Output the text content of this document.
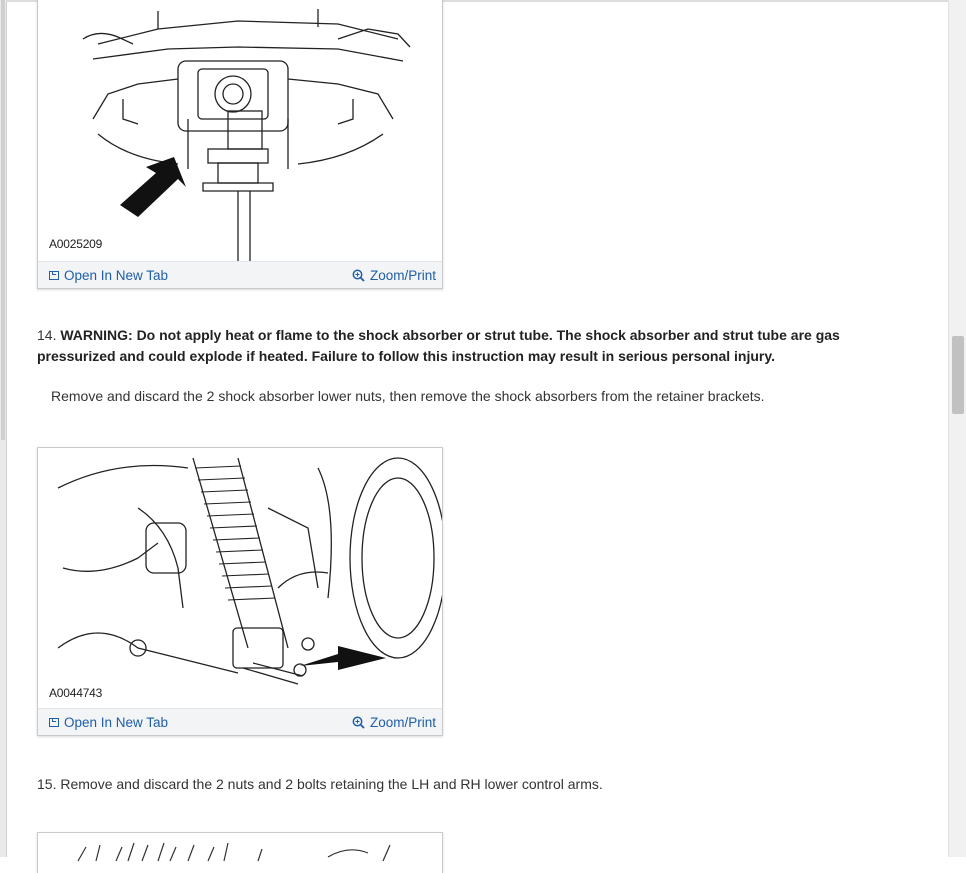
A0025209
Open In New Tab	Zoom/Print
14. WARNING: Do not apply heat or flame to the shock absorber or strut tube. The shock absorber and strut tube are gas pressurized and could explode if heated. Failure to follow this instruction may result in serious personal injury.
Remove and discard the 2 shock absorber lower nuts, then remove the shock absorbers from the retainer brackets.
A0044743
Open In New Tab	Zoom/Print
15. Remove and discard the 2 nuts and 2 bolts retaining the LH and RH lower control arms.
